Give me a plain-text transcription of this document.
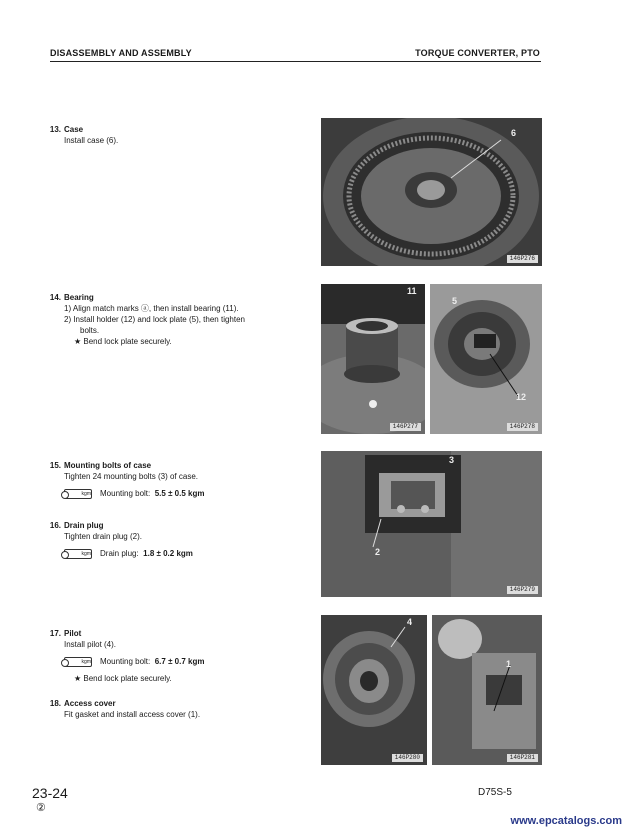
DISASSEMBLY AND ASSEMBLY	TORQUE CONVERTER, PTO
13. Case
Install case (6).
14. Bearing
1) Align match marks ⓐ, then install bearing (11).
2) Install holder (12) and lock plate (5), then tighten
bolts.
★ Bend lock plate securely.
15. Mounting bolts of case
Tighten 24 mounting bolts (3) of case.
kgm Mounting bolt: 5.5 ± 0.5 kgm
16. Drain plug
Tighten drain plug (2).
kgm Drain plug: 1.8 ± 0.2 kgm
17. Pilot
Install pilot (4).
kgm Mounting bolt: 6.7 ± 0.7 kgm
★ Bend lock plate securely.
18. Access cover
Fit gasket and install access cover (1).
6
146P276
11
146P277
5
12
146P278
3
2
146P279
4
146P280
1
146P281
23-24
②
D75S-5
www.epcatalogs.com
